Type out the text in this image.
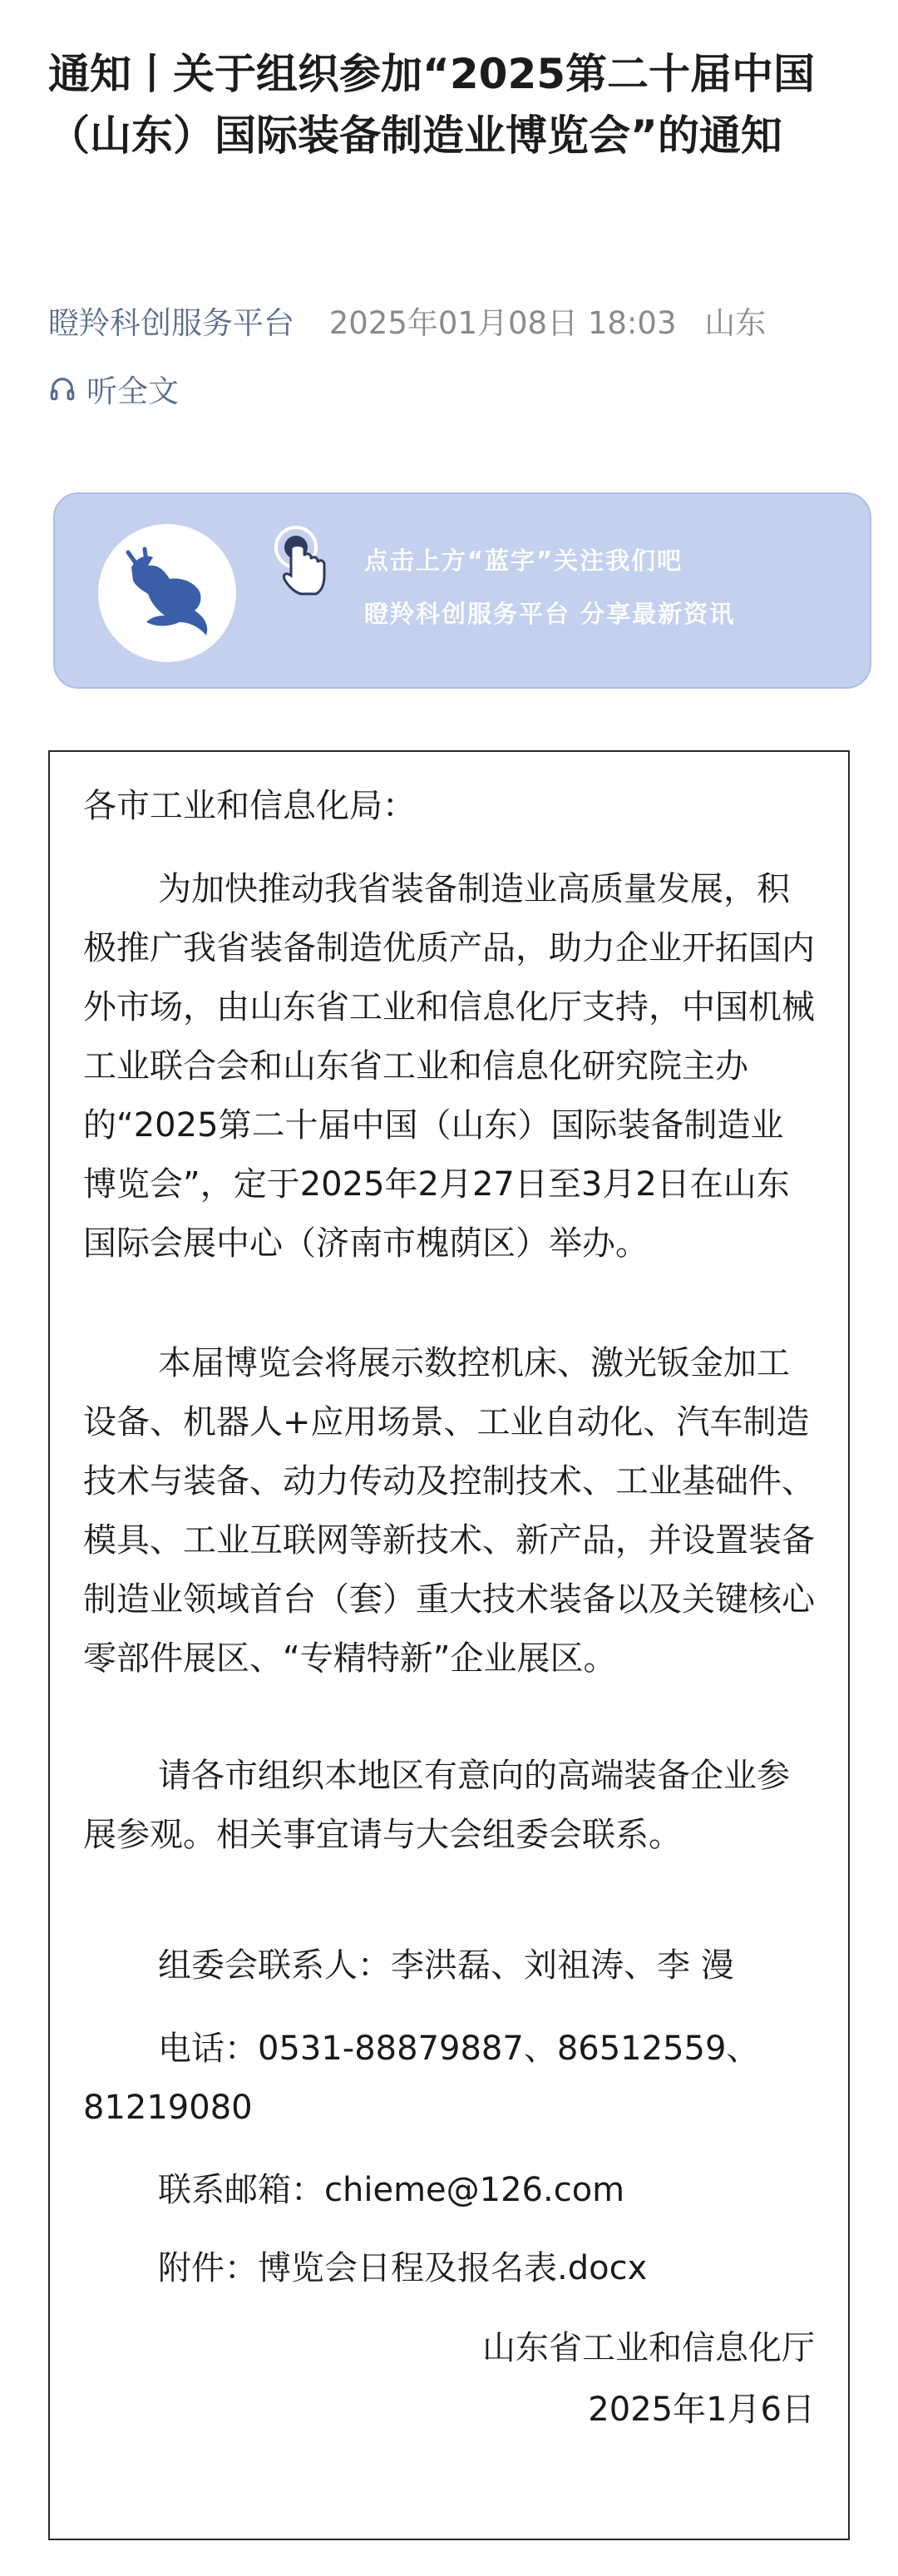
通知丨关于组织参加“2025第二十届中国（山东）国际装备制造业博览会”的通知
瞪羚科创服务平台 2025年01月08日 18:03 山东
听全文
点击上方“蓝字”关注我们吧
瞪羚科创服务平台 分享最新资讯

各市工业和信息化局：

为加快推动我省装备制造业高质量发展，积极推广我省装备制造优质产品，助力企业开拓国内外市场，由山东省工业和信息化厅支持，中国机械工业联合会和山东省工业和信息化研究院主办的“2025第二十届中国（山东）国际装备制造业博览会”，定于2025年2月27日至3月2日在山东国际会展中心（济南市槐荫区）举办。

本届博览会将展示数控机床、激光钣金加工设备、机器人+应用场景、工业自动化、汽车制造技术与装备、动力传动及控制技术、工业基础件、模具、工业互联网等新技术、新产品，并设置装备制造业领域首台（套）重大技术装备以及关键核心零部件展区、“专精特新”企业展区。

请各市组织本地区有意向的高端装备企业参展参观。相关事宜请与大会组委会联系。

组委会联系人：李洪磊、刘祖涛、李 漫

电话：0531-88879887、86512559、81219080

联系邮箱：chieme@126.com

附件：博览会日程及报名表.docx

山东省工业和信息化厅

2025年1月6日
